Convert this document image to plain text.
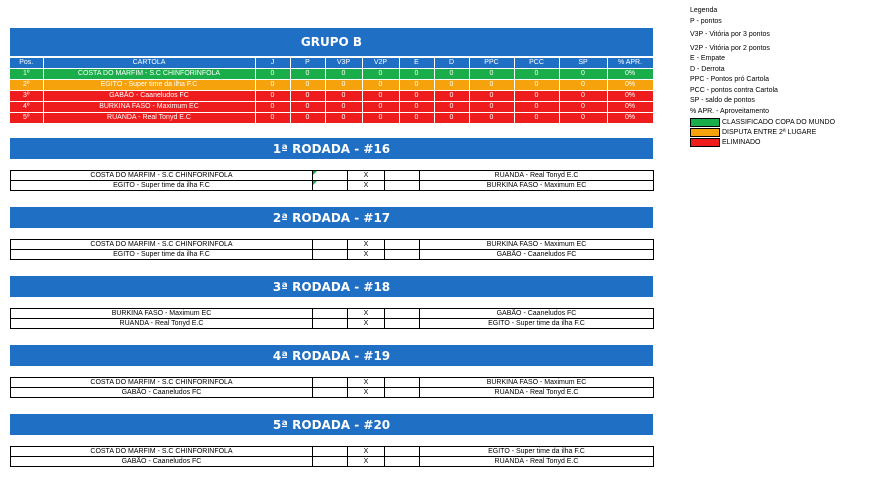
GRUPO B
Pos.	CARTOLA	J	P	V3P	V2P	E	D	PPC	PCC	SP	% APR.
1º	COSTA DO MARFIM - S.C CHINFORINFOLA	0	0	0	0	0	0	0	0	0	0%
2º	EGITO - Super time da ilha F.C	0	0	0	0	0	0	0	0	0	0%
3º	GABÃO - Caaneludos FC	0	0	0	0	0	0	0	0	0	0%
4º	BURKINA FASO - Maximum EC	0	0	0	0	0	0	0	0	0	0%
5º	RUANDA - Real Tonyd E.C	0	0	0	0	0	0	0	0	0	0%
1ª RODADA - #16
COSTA DO MARFIM - S.C CHINFORINFOLA		X		RUANDA - Real Tonyd E.C
EGITO - Super time da ilha F.C		X		BURKINA FASO - Maximum EC
2ª RODADA - #17
COSTA DO MARFIM - S.C CHINFORINFOLA		X		BURKINA FASO - Maximum EC
EGITO - Super time da ilha F.C		X		GABÃO - Caaneludos FC
3ª RODADA - #18
BURKINA FASO - Maximum EC		X		GABÃO - Caaneludos FC
RUANDA - Real Tonyd E.C		X		EGITO - Super time da ilha F.C
4ª RODADA - #19
COSTA DO MARFIM - S.C CHINFORINFOLA		X		BURKINA FASO - Maximum EC
GABÃO - Caaneludos FC		X		RUANDA - Real Tonyd E.C
5ª RODADA - #20
COSTA DO MARFIM - S.C CHINFORINFOLA		X		EGITO - Super time da ilha F.C
GABÃO - Caaneludos FC		X		RUANDA - Real Tonyd E.C
Legenda
P - pontos
V3P - Vitória por 3 pontos
V2P - Vitória por 2 pontos
E - Empate
D - Derrota
PPC - Pontos pró Cartola
PCC - pontos contra Cartola
SP - saldo de pontos
% APR. - Aproveitamento
CLASSIFICADO COPA DO MUNDO
DISPUTA ENTRE 2ª LUGARE
ELIMINADO
